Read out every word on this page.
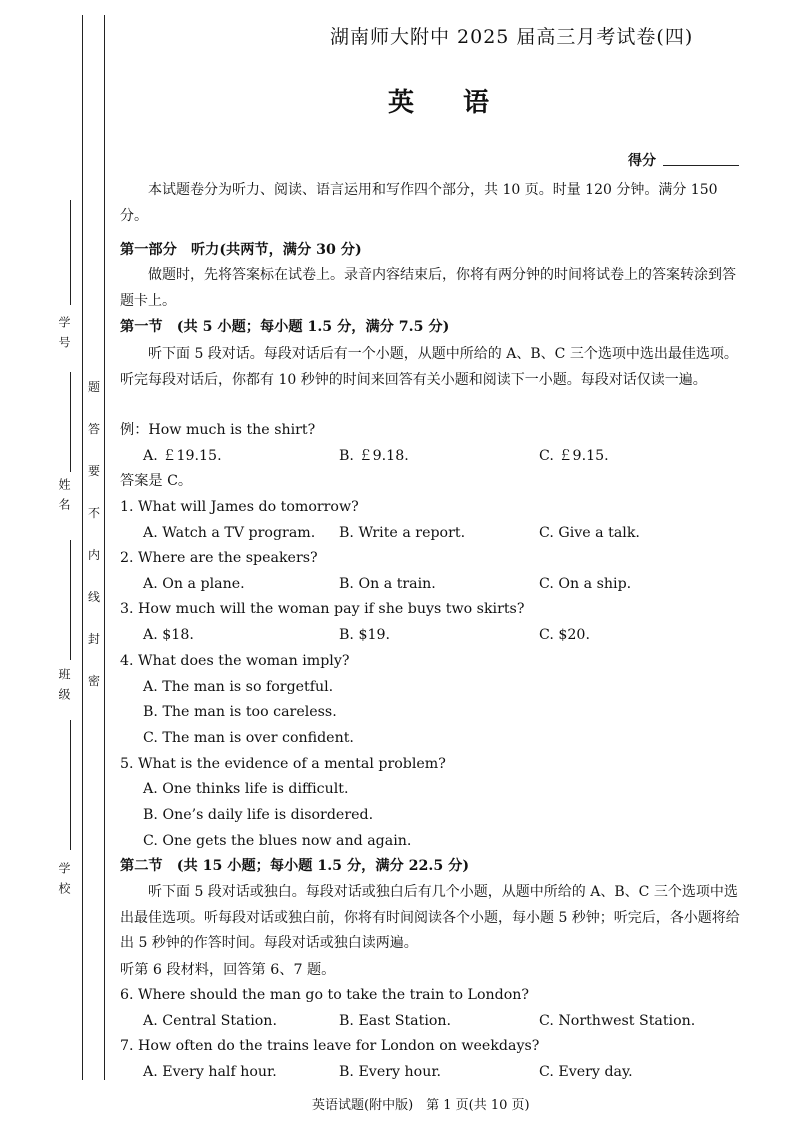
学 号
姓 名
班 级
学 校
题
答
要
不
内
线
封
密
湖南师大附中 2025 届高三月考试卷(四)
英 语
得分
本试题卷分为听力、阅读、语言运用和写作四个部分，共 10 页。时量 120 分钟。满分 150 分。
第一部分　听力(共两节，满分 30 分)
做题时，先将答案标在试卷上。录音内容结束后，你将有两分钟的时间将试卷上的答案转涂到答题卡上。
第一节　(共 5 小题；每小题 1.5 分，满分 7.5 分)
听下面 5 段对话。每段对话后有一个小题，从题中所给的 A、B、C 三个选项中选出最佳选项。听完每段对话后，你都有 10 秒钟的时间来回答有关小题和阅读下一小题。每段对话仅读一遍。
例：How much is the shirt?
A. ￡19.15.	B. ￡9.18.	C. ￡9.15.
答案是 C。
1. What will James do tomorrow?
A. Watch a TV program. B. Write a report.	C. Give a talk.
2. Where are the speakers?
A. On a plane.	B. On a train.	C. On a ship.
3. How much will the woman pay if she buys two skirts?
A. $18.	B. $19.	C. $20.
4. What does the woman imply?
A. The man is so forgetful.
B. The man is too careless.
C. The man is over confident.
5. What is the evidence of a mental problem?
A. One thinks life is difficult.
B. One’s daily life is disordered.
C. One gets the blues now and again.
第二节　(共 15 小题；每小题 1.5 分，满分 22.5 分)
听下面 5 段对话或独白。每段对话或独白后有几个小题，从题中所给的 A、B、C 三个选项中选出最佳选项。听每段对话或独白前，你将有时间阅读各个小题，每小题 5 秒钟；听完后，各小题将给出 5 秒钟的作答时间。每段对话或独白读两遍。
听第 6 段材料，回答第 6、7 题。
6. Where should the man go to take the train to London?
A. Central Station.	B. East Station.	C. Northwest Station.
7. How often do the trains leave for London on weekdays?
A. Every half hour.	B. Every hour.	C. Every day.
英语试题(附中版)　第 1 页(共 10 页)
